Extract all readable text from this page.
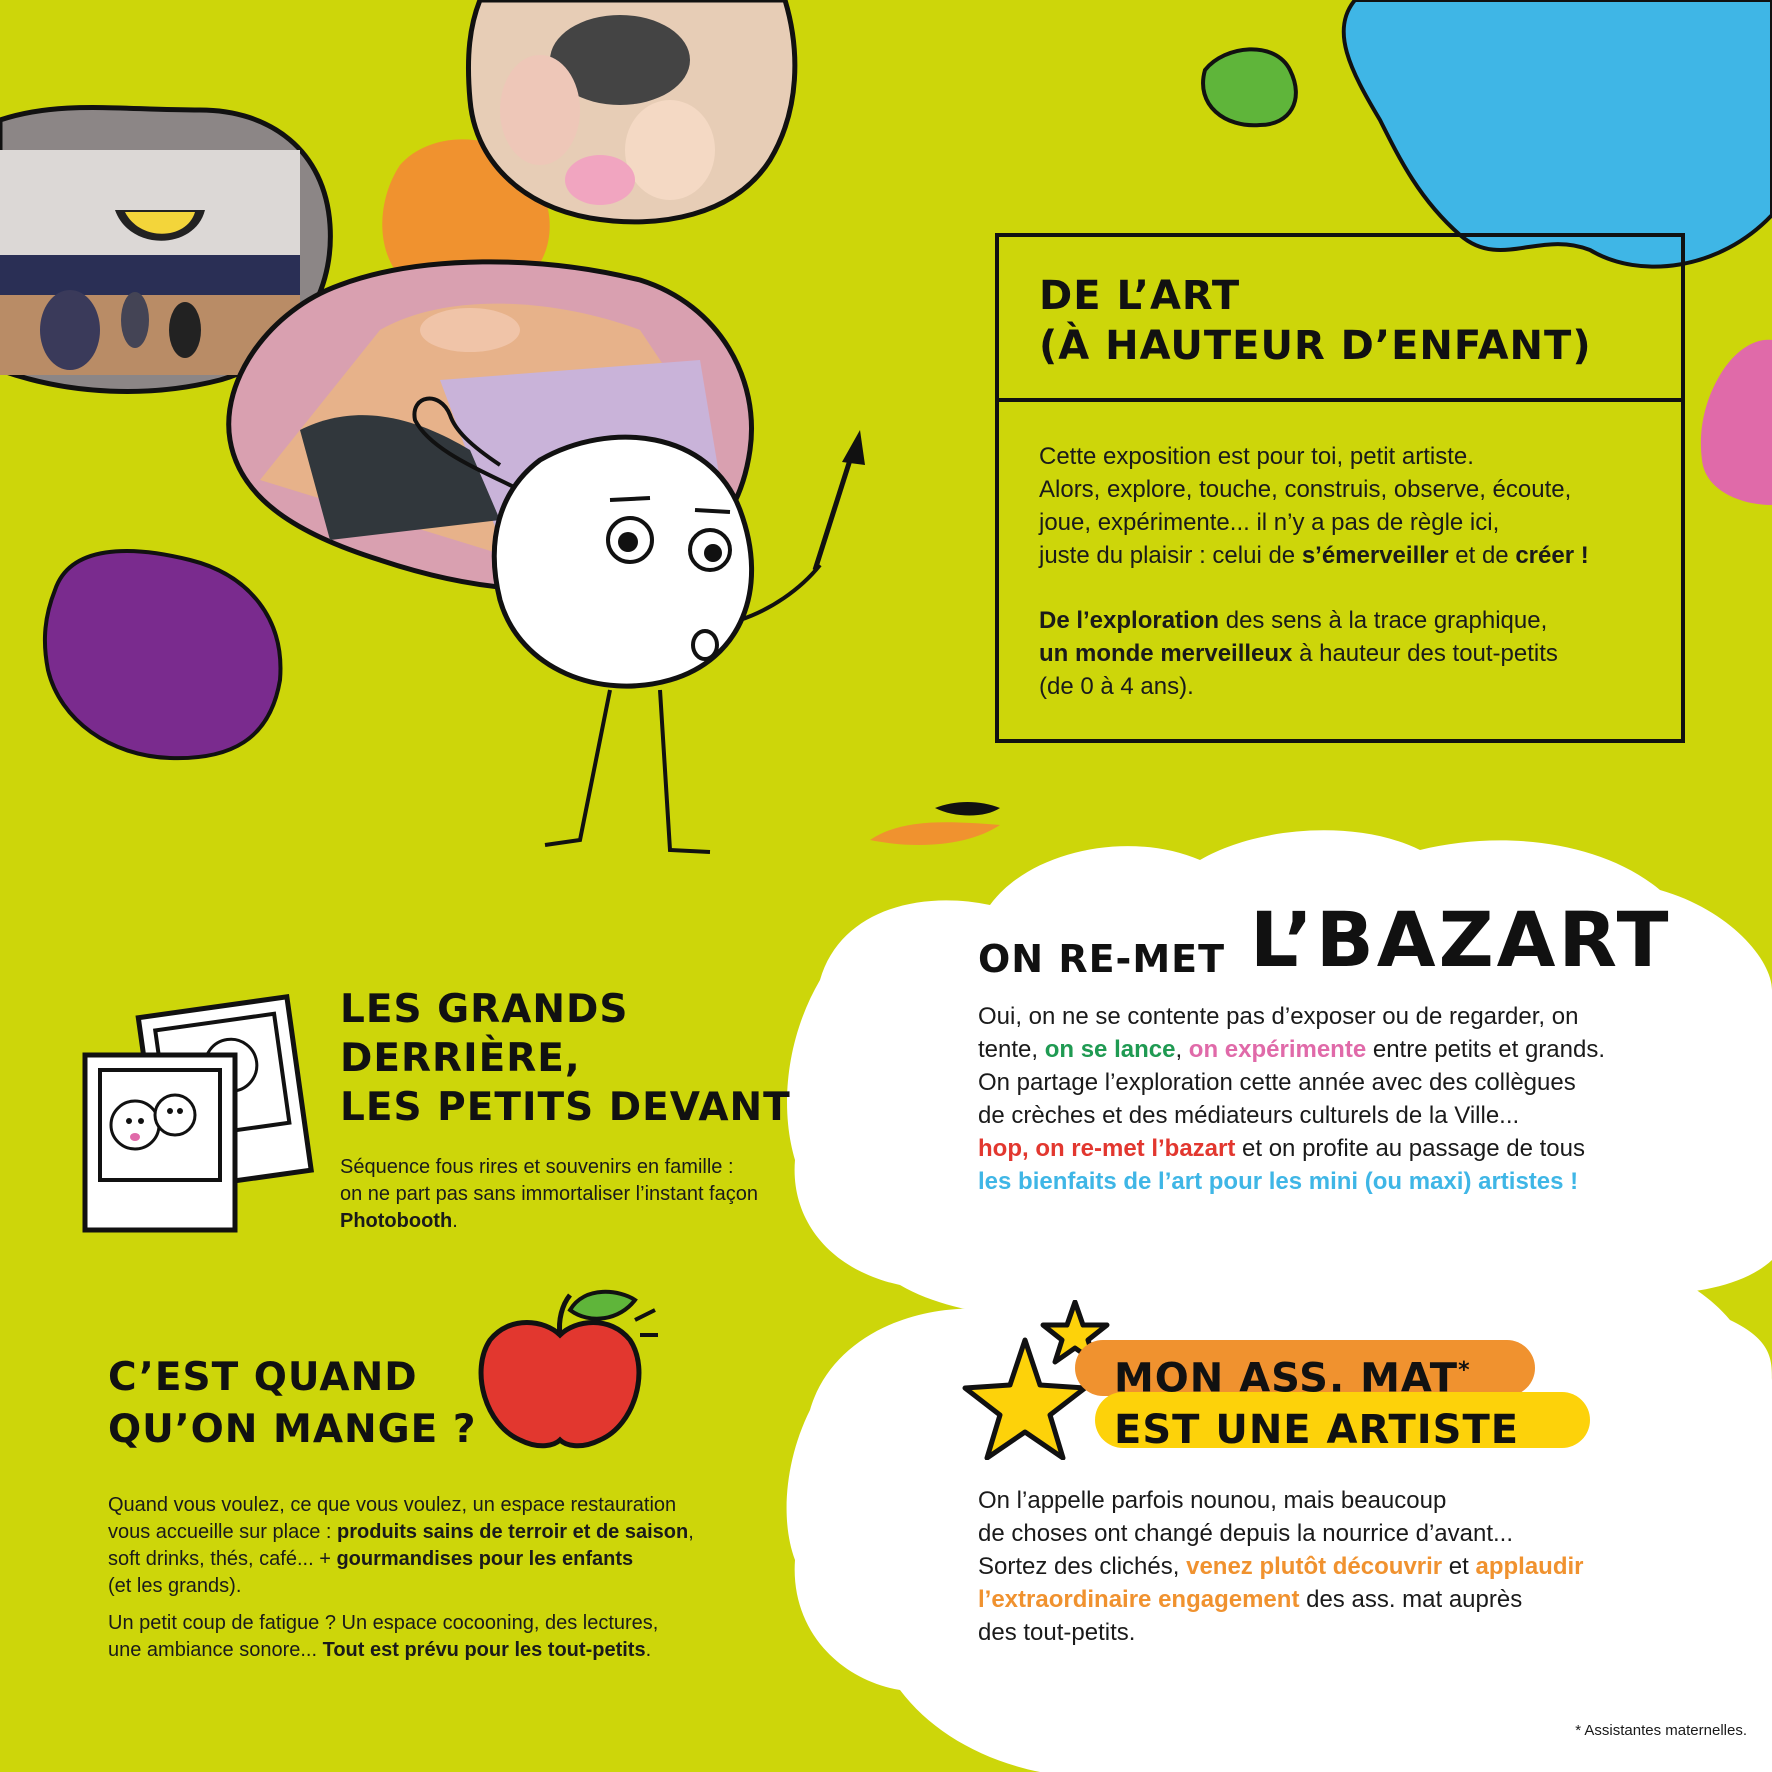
DE L’ART
(À HAUTEUR D’ENFANT)

Cette exposition est pour toi, petit artiste.

Alors, explore, touche, construis, observe, écoute,

joue, expérimente... il n’y a pas de règle ici,

juste du plaisir : celui de s’émerveiller et de créer !

De l’exploration des sens à la trace graphique,

un monde merveilleux à hauteur des tout-petits

(de 0 à 4 ans).

ON RE-MET L’BAZART

Oui, on ne se contente pas d’exposer ou de regarder, on

tente, on se lance, on expérimente entre petits et grands.

On partage l’exploration cette année avec des collègues

de crèches et des médiateurs culturels de la Ville...

hop, on re-met l’bazart et on profite au passage de tous

les bienfaits de l’art pour les mini (ou maxi) artistes !

LES GRANDS
DERRIÈRE,
LES PETITS DEVANT

Séquence fous rires et souvenirs en famille :

on ne part pas sans immortaliser l’instant façon

Photobooth.

C’EST QUAND
QU’ON MANGE ?

Quand vous voulez, ce que vous voulez, un espace restauration

vous accueille sur place : produits sains de terroir et de saison,

soft drinks, thés, café... + gourmandises pour les enfants

(et les grands).

Un petit coup de fatigue ? Un espace cocooning, des lectures,

une ambiance sonore... Tout est prévu pour les tout-petits.

MON ASS. MAT*
EST UNE ARTISTE

On l’appelle parfois nounou, mais beaucoup

de choses ont changé depuis la nourrice d’avant...

Sortez des clichés, venez plutôt découvrir et applaudir

l’extraordinaire engagement des ass. mat auprès

des tout-petits.

* Assistantes maternelles.
